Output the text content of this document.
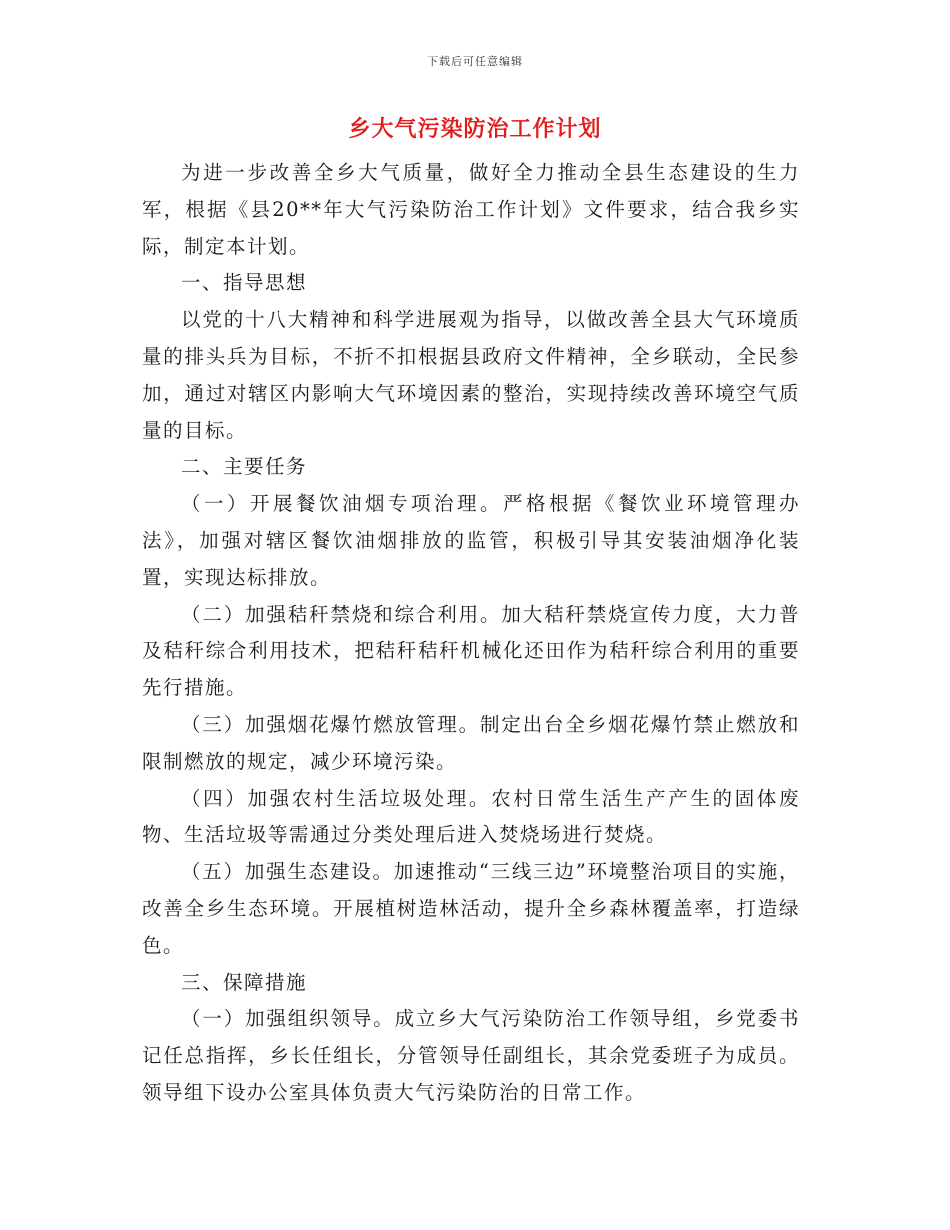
下载后可任意编辑
乡大气污染防治工作计划

为进一步改善全乡大气质量，做好全力推动全县生态建设的生力军，根据《县20**年大气污染防治工作计划》文件要求，结合我乡实际，制定本计划。

一、指导思想

以党的十八大精神和科学进展观为指导，以做改善全县大气环境质量的排头兵为目标，不折不扣根据县政府文件精神，全乡联动，全民参加，通过对辖区内影响大气环境因素的整治，实现持续改善环境空气质量的目标。

二、主要任务

（一）开展餐饮油烟专项治理。严格根据《餐饮业环境管理办法》，加强对辖区餐饮油烟排放的监管，积极引导其安装油烟净化装置，实现达标排放。

（二）加强秸秆禁烧和综合利用。加大秸秆禁烧宣传力度，大力普及秸秆综合利用技术，把秸秆秸秆机械化还田作为秸秆综合利用的重要先行措施。

（三）加强烟花爆竹燃放管理。制定出台全乡烟花爆竹禁止燃放和限制燃放的规定，减少环境污染。

（四）加强农村生活垃圾处理。农村日常生活生产产生的固体废物、生活垃圾等需通过分类处理后进入焚烧场进行焚烧。

（五）加强生态建设。加速推动“三线三边”环境整治项目的实施，改善全乡生态环境。开展植树造林活动，提升全乡森林覆盖率，打造绿色。

三、保障措施

（一）加强组织领导。成立乡大气污染防治工作领导组，乡党委书记任总指挥，乡长任组长，分管领导任副组长，其余党委班子为成员。领导组下设办公室具体负责大气污染防治的日常工作。
